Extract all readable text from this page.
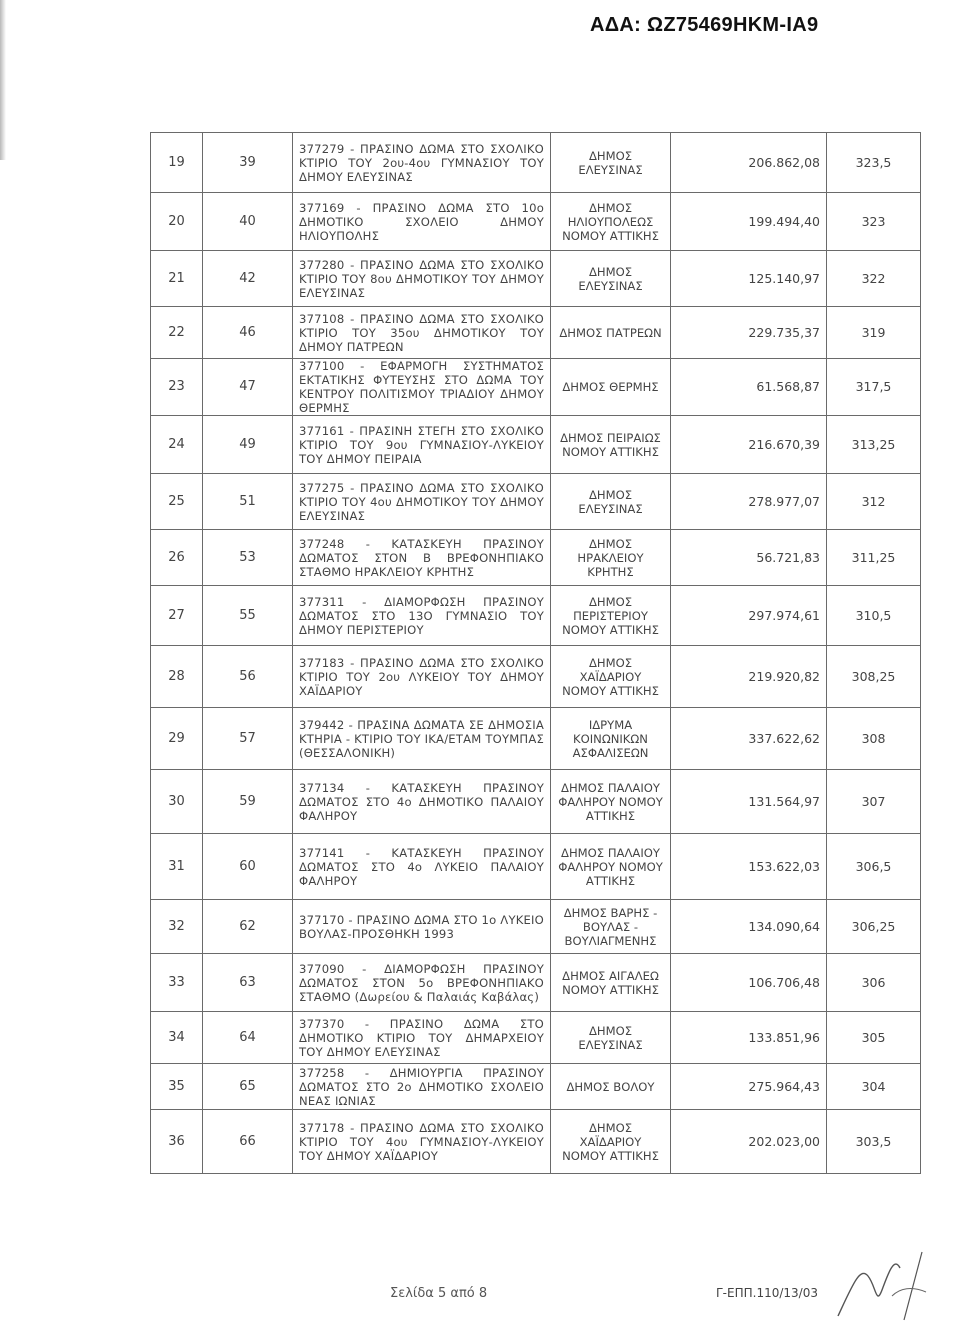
ΑΔΑ: ΩΖ75469ΗΚΜ-ΙΑ9
19	39	377279 - ΠΡΑΣΙΝΟ ΔΩΜΑ ΣΤΟ ΣΧΟΛΙΚΟ ΚΤΙΡΙΟ ΤΟΥ 2ου-4ου ΓΥΜΝΑΣΙΟΥ ΤΟΥ ΔΗΜΟΥ ΕΛΕΥΣΙΝΑΣ	ΔΗΜΟΣ ΕΛΕΥΣΙΝΑΣ	206.862,08	323,5
20	40	377169 - ΠΡΑΣΙΝΟ ΔΩΜΑ ΣΤΟ 10ο ΔΗΜΟΤΙΚΟ ΣΧΟΛΕΙΟ ΔΗΜΟΥ ΗΛΙΟΥΠΟΛΗΣ	ΔΗΜΟΣ ΗΛΙΟΥΠΟΛΕΩΣ ΝΟΜΟΥ ΑΤΤΙΚΗΣ	199.494,40	323
21	42	377280 - ΠΡΑΣΙΝΟ ΔΩΜΑ ΣΤΟ ΣΧΟΛΙΚΟ ΚΤΙΡΙΟ ΤΟΥ 8ου ΔΗΜΟΤΙΚΟΥ ΤΟΥ ΔΗΜΟΥ ΕΛΕΥΣΙΝΑΣ	ΔΗΜΟΣ ΕΛΕΥΣΙΝΑΣ	125.140,97	322
22	46	377108 - ΠΡΑΣΙΝΟ ΔΩΜΑ ΣΤΟ ΣΧΟΛΙΚΟ ΚΤΙΡΙΟ ΤΟΥ 35ου ΔΗΜΟΤΙΚΟΥ ΤΟΥ ΔΗΜΟΥ ΠΑΤΡΕΩΝ	ΔΗΜΟΣ ΠΑΤΡΕΩΝ	229.735,37	319
23	47	377100 - ΕΦΑΡΜΟΓΗ ΣΥΣΤΗΜΑΤΟΣ ΕΚΤΑΤΙΚΗΣ ΦΥΤΕΥΣΗΣ ΣΤΟ ΔΩΜΑ ΤΟΥ ΚΕΝΤΡΟΥ ΠΟΛΙΤΙΣΜΟΥ ΤΡΙΑΔΙΟΥ ΔΗΜΟΥ ΘΕΡΜΗΣ	ΔΗΜΟΣ ΘΕΡΜΗΣ	61.568,87	317,5
24	49	377161 - ΠΡΑΣΙΝΗ ΣΤΕΓΗ ΣΤΟ ΣΧΟΛΙΚΟ ΚΤΙΡΙΟ ΤΟΥ 9ου ΓΥΜΝΑΣΙΟΥ-ΛΥΚΕΙΟΥ ΤΟΥ ΔΗΜΟΥ ΠΕΙΡΑΙΑ	ΔΗΜΟΣ ΠΕΙΡΑΙΩΣ ΝΟΜΟΥ ΑΤΤΙΚΗΣ	216.670,39	313,25
25	51	377275 - ΠΡΑΣΙΝΟ ΔΩΜΑ ΣΤΟ ΣΧΟΛΙΚΟ ΚΤΙΡΙΟ ΤΟΥ 4ου ΔΗΜΟΤΙΚΟΥ ΤΟΥ ΔΗΜΟΥ ΕΛΕΥΣΙΝΑΣ	ΔΗΜΟΣ ΕΛΕΥΣΙΝΑΣ	278.977,07	312
26	53	377248 - ΚΑΤΑΣΚΕΥΗ ΠΡΑΣΙΝΟΥ ΔΩΜΑΤΟΣ ΣΤΟΝ Β ΒΡΕΦΟΝΗΠΙΑΚΟ ΣΤΑΘΜΟ ΗΡΑΚΛΕΙΟΥ ΚΡΗΤΗΣ	ΔΗΜΟΣ ΗΡΑΚΛΕΙΟΥ ΚΡΗΤΗΣ	56.721,83	311,25
27	55	377311 - ΔΙΑΜΟΡΦΩΣΗ ΠΡΑΣΙΝΟΥ ΔΩΜΑΤΟΣ ΣΤΟ 13Ο ΓΥΜΝΑΣΙΟ ΤΟΥ ΔΗΜΟΥ ΠΕΡΙΣΤΕΡΙΟΥ	ΔΗΜΟΣ ΠΕΡΙΣΤΕΡΙΟΥ ΝΟΜΟΥ ΑΤΤΙΚΗΣ	297.974,61	310,5
28	56	377183 - ΠΡΑΣΙΝΟ ΔΩΜΑ ΣΤΟ ΣΧΟΛΙΚΟ ΚΤΙΡΙΟ ΤΟΥ 2ου ΛΥΚΕΙΟΥ ΤΟΥ ΔΗΜΟΥ ΧΑΪΔΑΡΙΟΥ	ΔΗΜΟΣ ΧΑΪΔΑΡΙΟΥ ΝΟΜΟΥ ΑΤΤΙΚΗΣ	219.920,82	308,25
29	57	379442 - ΠΡΑΣΙΝΑ ΔΩΜΑΤΑ ΣΕ ΔΗΜΟΣΙΑ ΚΤΗΡΙΑ - ΚΤΙΡΙΟ ΤΟΥ ΙΚΑ/ΕΤΑΜ ΤΟΥΜΠΑΣ (ΘΕΣΣΑΛΟΝΙΚΗ)	ΙΔΡΥΜΑ ΚΟΙΝΩΝΙΚΩΝ ΑΣΦΑΛΙΣΕΩΝ	337.622,62	308
30	59	377134 - ΚΑΤΑΣΚΕΥΗ ΠΡΑΣΙΝΟΥ ΔΩΜΑΤΟΣ ΣΤΟ 4ο ΔΗΜΟΤΙΚΟ ΠΑΛΑΙΟΥ ΦΑΛΗΡΟΥ	ΔΗΜΟΣ ΠΑΛΑΙΟΥ ΦΑΛΗΡΟΥ ΝΟΜΟΥ ΑΤΤΙΚΗΣ	131.564,97	307
31	60	377141 - ΚΑΤΑΣΚΕΥΗ ΠΡΑΣΙΝΟΥ ΔΩΜΑΤΟΣ ΣΤΟ 4ο ΛΥΚΕΙΟ ΠΑΛΑΙΟΥ ΦΑΛΗΡΟΥ	ΔΗΜΟΣ ΠΑΛΑΙΟΥ ΦΑΛΗΡΟΥ ΝΟΜΟΥ ΑΤΤΙΚΗΣ	153.622,03	306,5
32	62	377170 - ΠΡΑΣΙΝΟ ΔΩΜΑ ΣΤΟ 1ο ΛΥΚΕΙΟ ΒΟΥΛΑΣ-ΠΡΟΣΘΗΚΗ 1993	ΔΗΜΟΣ ΒΑΡΗΣ - ΒΟΥΛΑΣ - ΒΟΥΛΙΑΓΜΕΝΗΣ	134.090,64	306,25
33	63	377090 - ΔΙΑΜΟΡΦΩΣΗ ΠΡΑΣΙΝΟΥ ΔΩΜΑΤΟΣ ΣΤΟΝ 5ο ΒΡΕΦΟΝΗΠΙΑΚΟ ΣΤΑΘΜΟ (Δωρείου & Παλαιάς Καβάλας)	ΔΗΜΟΣ ΑΙΓΑΛΕΩ ΝΟΜΟΥ ΑΤΤΙΚΗΣ	106.706,48	306
34	64	377370 - ΠΡΑΣΙΝΟ ΔΩΜΑ ΣΤΟ ΔΗΜΟΤΙΚΟ ΚΤΙΡΙΟ ΤΟΥ ΔΗΜΑΡΧΕΙΟΥ ΤΟΥ ΔΗΜΟΥ ΕΛΕΥΣΙΝΑΣ	ΔΗΜΟΣ ΕΛΕΥΣΙΝΑΣ	133.851,96	305
35	65	377258 - ΔΗΜΙΟΥΡΓΙΑ ΠΡΑΣΙΝΟΥ ΔΩΜΑΤΟΣ ΣΤΟ 2ο ΔΗΜΟΤΙΚΟ ΣΧΟΛΕΙΟ ΝΕΑΣ ΙΩΝΙΑΣ	ΔΗΜΟΣ ΒΟΛΟΥ	275.964,43	304
36	66	377178 - ΠΡΑΣΙΝΟ ΔΩΜΑ ΣΤΟ ΣΧΟΛΙΚΟ ΚΤΙΡΙΟ ΤΟΥ 4ου ΓΥΜΝΑΣΙΟΥ-ΛΥΚΕΙΟΥ ΤΟΥ ΔΗΜΟΥ ΧΑΪΔΑΡΙΟΥ	ΔΗΜΟΣ ΧΑΪΔΑΡΙΟΥ ΝΟΜΟΥ ΑΤΤΙΚΗΣ	202.023,00	303,5
Σελίδα 5 από 8	Γ-ΕΠΠ.110/13/03
